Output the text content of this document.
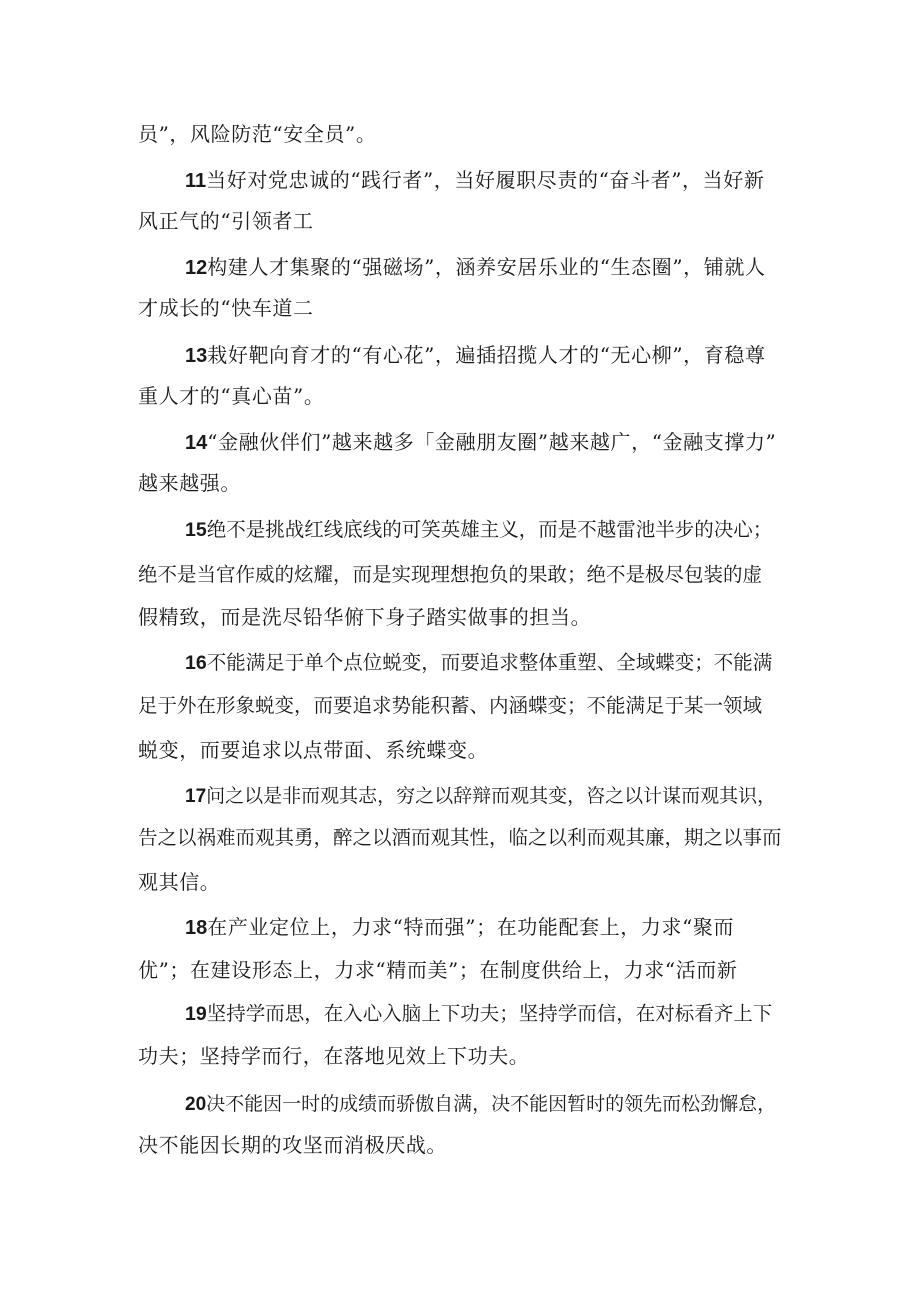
员”，风险防范“安全员”。
11当好对党忠诚的“践行者”，当好履职尽责的“奋斗者”，当好新
风正气的“引领者工
12构建人才集聚的“强磁场”，涵养安居乐业的“生态圈”，铺就人
才成长的“快车道二
13栽好靶向育才的“有心花”，遍插招揽人才的“无心柳”，育稳尊
重人才的“真心苗”。
14“金融伙伴们”越来越多「金融朋友圈”越来越广，“金融支撑力”
越来越强。
15绝不是挑战红线底线的可笑英雄主义，而是不越雷池半步的决心；
绝不是当官作威的炫耀，而是实现理想抱负的果敢；绝不是极尽包装的虚
假精致，而是洗尽铅华俯下身子踏实做事的担当。
16不能满足于单个点位蜕变，而要追求整体重塑、全域蝶变；不能满
足于外在形象蜕变，而要追求势能积蓄、内涵蝶变；不能满足于某一领域
蜕变，而要追求以点带面、系统蝶变。
17问之以是非而观其志，穷之以辞辩而观其变，咨之以计谋而观其识，
告之以祸难而观其勇，醉之以酒而观其性，临之以利而观其廉，期之以事而
观其信。
18在产业定位上，力求“特而强”；在功能配套上，力求“聚而
优”；在建设形态上，力求“精而美”；在制度供给上，力求“活而新
19坚持学而思，在入心入脑上下功夫；坚持学而信，在对标看齐上下
功夫；坚持学而行，在落地见效上下功夫。
20决不能因一时的成绩而骄傲自满，决不能因暂时的领先而松劲懈怠，
决不能因长期的攻坚而消极厌战。
